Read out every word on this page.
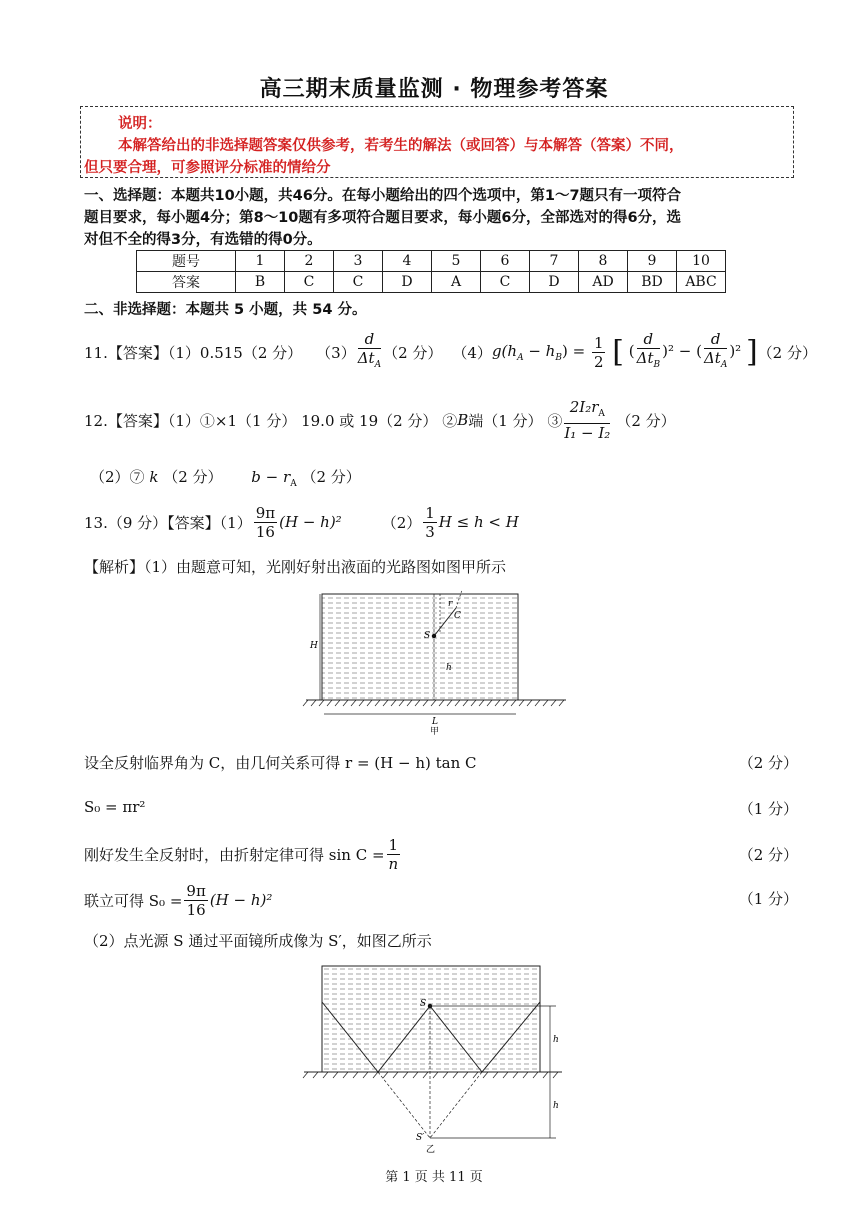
高三期末质量监测 · 物理参考答案
说明：
本解答给出的非选择题答案仅供参考，若考生的解法（或回答）与本解答（答案）不同，
但只要合理，可参照评分标准的情给分
一、选择题：本题共10小题，共46分。在每小题给出的四个选项中，第1～7题只有一项符合
题目要求，每小题4分；第8～10题有多项符合题目要求，每小题6分，全部选对的得6分，选
对但不全的得3分，有选错的得0分。
题号	1	2	3	4	5	6	7	8	9	10
答案	B	C	C	D	A	C	D	AD	BD	ABC
二、非选择题：本题共 5 小题，共 54 分。
11.【答案】（1）0.515（2 分） $(3) \frac{d}{\Delta t_A} (2$ 分） （4） $g(h_A - h_B) = \frac{1}{2}$ [ ( $\frac{d}{\Delta t_B} )^2$ − ( $\frac{d}{\Delta t_A} )^2$ ] （2 分）
12.【答案】（1）①×1（1 分） 19.0 或 19（2 分） ② B 端（1 分） ③ $\frac{2I_2r_A}{\text{I₁ − I₂}} (2$ 分）
（2）⑦ k （2 分） $b - r_A$ （2 分）
13.（9 分）【答案】$(1) \frac{9\pi}{16} (H - h)^2$	$(2) \frac{1}{3}$ H ≤ h < H
【解析】（1）由题意可知，光刚好射出液面的光路图如图甲所示
r
C
S
H
h
L
甲
设全反射临界角为 C，由几何关系可得 r = (H − h) tan C	（2 分）
S₀ = πr²	（1 分）
刚好发生全反射时，由折射定律可得 $\sin C = \frac{1}{n}$	（2 分）
联立可得 $S_0 = \frac{9\pi}{16} (H - h)^2$	（1 分）
（2）点光源 S 通过平面镜所成像为 S′，如图乙所示
S
h
h
S′
乙
第 1 页 共 11 页
